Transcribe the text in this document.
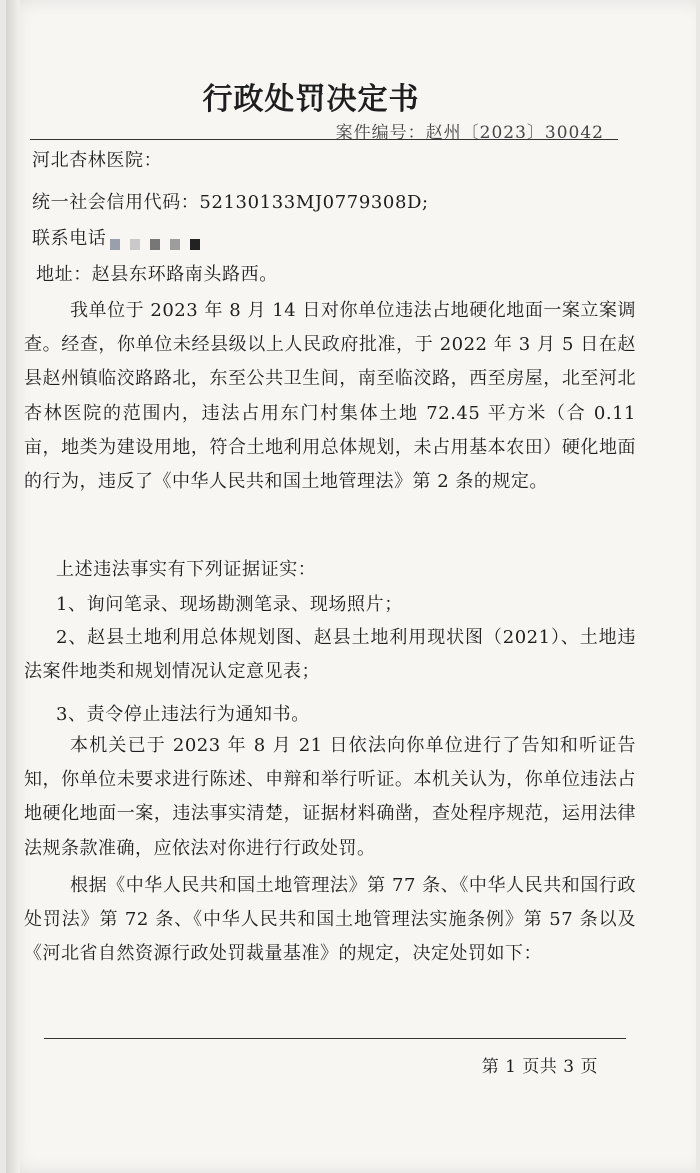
行政处罚决定书
案件编号：赵州〔2023〕30042
河北杏林医院：
统一社会信用代码：52130133MJ0779308D;
联系电话
地址：赵县东环路南头路西。

我单位于 2023 年 8 月 14 日对你单位违法占地硬化地面一案立案调查。经查，你单位未经县级以上人民政府批准，于 2022 年 3 月 5 日在赵县赵州镇临洨路路北，东至公共卫生间，南至临洨路，西至房屋，北至河北杏林医院的范围内，违法占用东门村集体土地 72.45 平方米（合 0.11 亩，地类为建设用地，符合土地利用总体规划，未占用基本农田）硬化地面的行为，违反了《中华人民共和国土地管理法》第 2 条的规定。

上述违法事实有下列证据证实：
1、询问笔录、现场勘测笔录、现场照片；

2、赵县土地利用总体规划图、赵县土地利用现状图（2021）、土地违法案件地类和规划情况认定意见表；

3、责令停止违法行为通知书。

本机关已于 2023 年 8 月 21 日依法向你单位进行了告知和听证告知，你单位未要求进行陈述、申辩和举行听证。本机关认为，你单位违法占地硬化地面一案，违法事实清楚，证据材料确凿，查处程序规范，运用法律法规条款准确，应依法对你进行行政处罚。

根据《中华人民共和国土地管理法》第 77 条、《中华人民共和国行政处罚法》第 72 条、《中华人民共和国土地管理法实施条例》第 57 条以及《河北省自然资源行政处罚裁量基准》的规定，决定处罚如下：

第 1 页共 3 页
